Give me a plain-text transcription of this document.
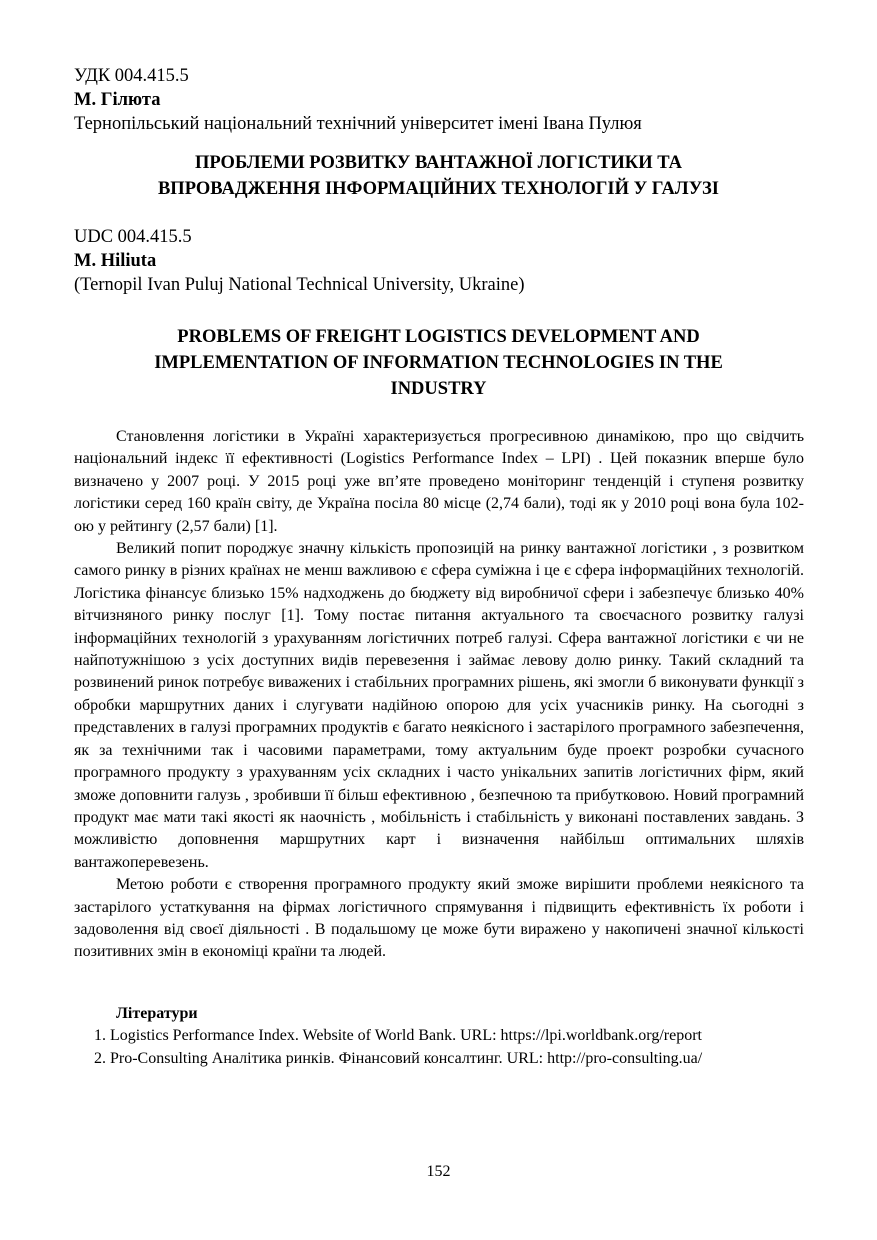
УДК 004.415.5
М. Гілюта
Тернопільський національний технічний університет імені Івана Пулюя
ПРОБЛЕМИ РОЗВИТКУ ВАНТАЖНОЇ ЛОГІСТИКИ ТА
ВПРОВАДЖЕННЯ ІНФОРМАЦІЙНИХ ТЕХНОЛОГІЙ У ГАЛУЗІ
UDC 004.415.5
M. Hiliuta
(Ternopil Ivan Puluj National Technical University, Ukraine)
PROBLEMS OF FREIGHT LOGISTICS DEVELOPMENT AND
IMPLEMENTATION OF INFORMATION TECHNOLOGIES IN THE
INDUSTRY

Становлення логістики в Україні характеризується прогресивною динамікою, про що свідчить національний індекс її ефективності (Logistics Performance Index – LPI) . Цей показник вперше було визначено у 2007 році. У 2015 році уже вп’яте проведено моніторинг тенденцій і ступеня розвитку логістики серед 160 країн світу, де Україна посіла 80 місце (2,74 бали), тоді як у 2010 році вона була 102-ою у рейтингу (2,57 бали) [1].

Великий попит породжує значну кількість пропозицій на ринку вантажної логістики , з розвитком самого ринку в різних країнах не менш важливою є сфера суміжна і це є сфера інформаційних технологій. Логістика фінансує близько 15% надходжень до бюджету від виробничої сфери і забезпечує близько 40% вітчизняного ринку послуг [1]. Тому постає питання актуального та своєчасного розвитку галузі інформаційних технологій з урахуванням логістичних потреб галузі. Сфера вантажної логістики є чи не найпотужнішою з усіх доступних видів перевезення і займає левову долю ринку. Такий складний та розвинений ринок потребує виважених і стабільних програмних рішень, які змогли б виконувати функції з обробки маршрутних даних і слугувати надійною опорою для усіх учасників ринку. На сьогодні з представлених в галузі програмних продуктів є багато неякісного і застарілого програмного забезпечення, як за технічними так і часовими параметрами, тому актуальним буде проект розробки сучасного програмного продукту з урахуванням усіх складних і часто унікальних запитів логістичних фірм, який зможе доповнити галузь , зробивши її більш ефективною , безпечною та прибутковою. Новий програмний продукт має мати такі якості як наочність , мобільність і стабільність у виконані поставлених завдань. З можливістю доповнення маршрутних карт і визначення найбільш оптимальних шляхів вантажоперевезень.

Метою роботи є створення програмного продукту який зможе вирішити проблеми неякісного та застарілого устаткування на фірмах логістичного спрямування і підвищить ефективність їх роботи і задоволення від своєї діяльності . В подальшому це може бути виражено у накопичені значної кількості позитивних змін в економіці країни та людей.

Літератури
1. Logistics Performance Index. Website of World Bank. URL: https://lpi.worldbank.org/report
2. Pro-Consulting Аналітика ринків. Фінансовий консалтинг. URL: http://pro-consulting.ua/
152
